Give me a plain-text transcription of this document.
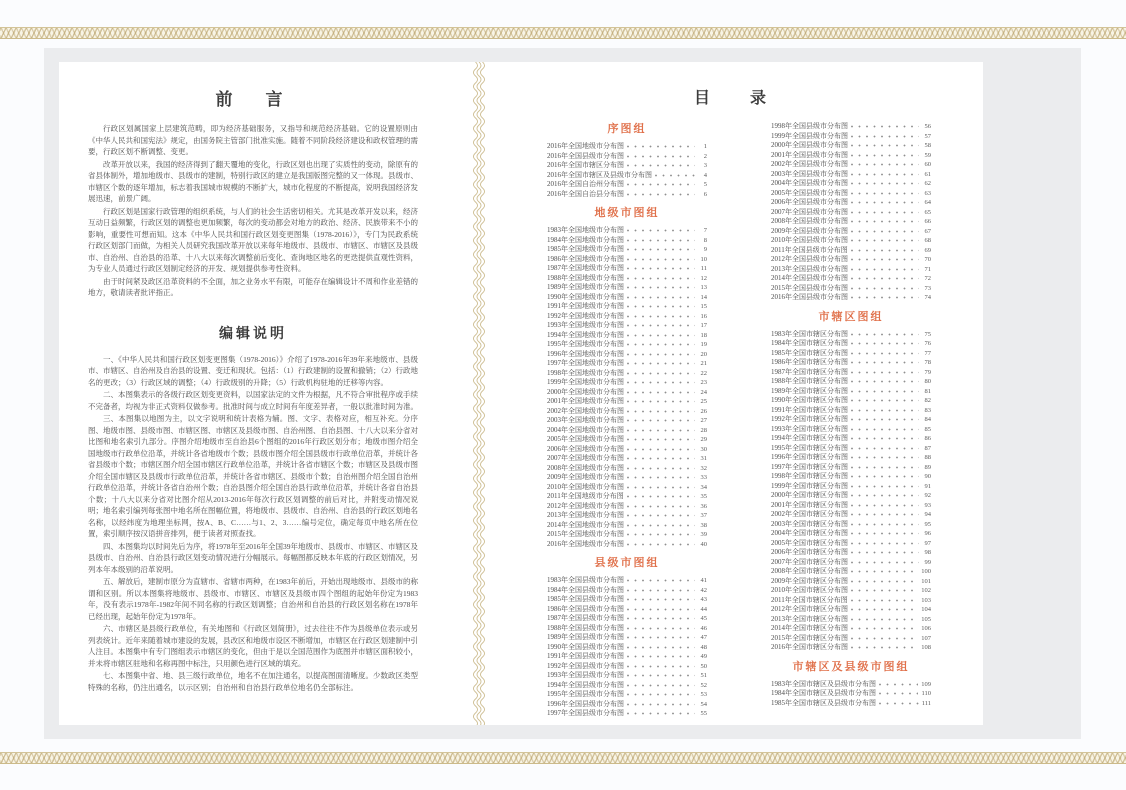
前　言

行政区划属国家上层建筑范畴，即为经济基础服务，又指导和规范经济基础。它的设置原则由《中华人民共和国宪法》规定，由国务院主管部门批准实施。随着不同阶段经济建设和政权管理的需要，行政区划不断调整、变更。

改革开放以来，我国的经济得到了翻天覆地的变化，行政区划也出现了实质性的变动，除原有的省县体制外，增加地级市、县级市的建制，特别行政区的建立是我国版图完整的又一体现。县级市、市辖区个数的逐年增加，标志着我国城市规模的不断扩大，城市化程度的不断提高，说明我国经济发展迅速，前景广阔。

行政区划是国家行政管理的组织系统，与人们的社会生活密切相关。尤其是改革开发以来，经济互动日益频繁，行政区划的调整也更加频繁，每次的变动都会对地方的政治、经济、民族带来不小的影响，重要性可想而知。这本《中华人民共和国行政区划变更图集（1978-2016）》，专门为民政系统行政区划部门而做，为相关人员研究我国改革开放以来每年地级市、县级市、市辖区、市辖区及县级市、自治州、自治县的沿革、十八大以来每次调整前后变化、查询地区地名的更迭提供直观性资料，为专业人员通过行政区划制定经济的开发、规划提供参考性资料。

由于时间紧及政区沿革资料的不全面，加之业务水平有限，可能存在编辑设计不周和作业差错的地方，敬请读者批评指正。

编辑说明

一、《中华人民共和国行政区划变更图集（1978-2016）》介绍了1978-2016年39年来地级市、县级市、市辖区、自治州及自治县的设置、变迁和现状。包括：（1）行政建制的设置和撤销；（2）行政地名的更改；（3）行政区域的调整；（4）行政级别的升降；（5）行政机构驻地的迁移等内容。

二、本图集表示的各级行政区划变更资料，以国家法定的文件为根据，凡不符合审批程序或手续不完备者，均视为非正式资料仅做参考。批准时间与成立时间有年度差异者，一般以批准时间为准。

三、本图集以地图为主，以文字说明和统计表格为辅。图、文字、表格对应，相互补充。分序图、地级市图、县级市图、市辖区图、市辖区及县级市图、自治州图、自治县图、十八大以来分省对比图和地名索引九部分。序图介绍地级市至自治县6个图组的2016年行政区划分布；地级市图介绍全国地级市行政单位沿革，并统计各省地级市个数；县级市图介绍全国县级市行政单位沿革，并统计各省县级市个数；市辖区图介绍全国市辖区行政单位沿革，并统计各省市辖区个数；市辖区及县级市图介绍全国市辖区及县级市行政单位沿革，并统计各省市辖区、县级市个数；自治州图介绍全国自治州行政单位沿革，并统计各省自治州个数；自治县图介绍全国自治县行政单位沿革，并统计各省自治县个数；十八大以来分省对比图介绍从2013-2016年每次行政区划调整的前后对比，并附变动情况说明；地名索引编列每张图中地名所在图幅位置，将地级市、县级市、自治州、自治县的行政区划地名名称，以经纬度为地理坐标网，按A、B、C……与1、2、3……编号定位，确定每页中地名所在位置，索引顺序按汉语拼音排列，便于读者对照查找。

四、本图集均以时间先后为序，将1978年至2016年全国39年地级市、县级市、市辖区、市辖区及县级市、自治州、自治县行政区划变动情况进行分幅展示。每幅图都反映本年底的行政区划情况，另列本年本级别的沿革说明。

五、解放后，建制市原分为直辖市、省辖市两种，在1983年前后，开始出现地级市、县级市的称谓和区别。所以本图集将地级市、县级市、市辖区、市辖区及县级市四个图组的起始年份定为1983年，没有表示1978年-1982年间不同名称的行政区划调整；自治州和自治县的行政区划名称在1978年已经出现，起始年份定为1978年。

六、市辖区是县级行政单位，有关地图和《行政区划简册》，过去往往不作为县级单位表示或另列表统计。近年来随着城市建设的发展，县改区和地级市设区不断增加，市辖区在行政区划建制中引人注目。本图集中有专门图组表示市辖区的变化，但由于是以全国范围作为底图并市辖区面积较小，并未将市辖区驻地和名称再图中标注，只用颜色进行区域的填充。

七、本图集中省、地、县三级行政单位，地名不在加注通名，以提高图面清晰度。少数政区类型特殊的名称，仍注出通名，以示区别；自治州和自治县行政单位地名仍全部标注。

目　录
序图组
2016年全国地级市分布图	1
2016年全国县级市分布图	2
2016年全国市辖区分布图	3
2016年全国市辖区及县级市分布图	4
2016年全国自治州分布图	5
2016年全国自治县分布图	6
地级市图组
1983年全国地级市分布图	7
1984年全国地级市分布图	8
1985年全国地级市分布图	9
1986年全国地级市分布图	10
1987年全国地级市分布图	11
1988年全国地级市分布图	12
1989年全国地级市分布图	13
1990年全国地级市分布图	14
1991年全国地级市分布图	15
1992年全国地级市分布图	16
1993年全国地级市分布图	17
1994年全国地级市分布图	18
1995年全国地级市分布图	19
1996年全国地级市分布图	20
1997年全国地级市分布图	21
1998年全国地级市分布图	22
1999年全国地级市分布图	23
2000年全国地级市分布图	24
2001年全国地级市分布图	25
2002年全国地级市分布图	26
2003年全国地级市分布图	27
2004年全国地级市分布图	28
2005年全国地级市分布图	29
2006年全国地级市分布图	30
2007年全国地级市分布图	31
2008年全国地级市分布图	32
2009年全国地级市分布图	33
2010年全国地级市分布图	34
2011年全国地级市分布图	35
2012年全国地级市分布图	36
2013年全国地级市分布图	37
2014年全国地级市分布图	38
2015年全国地级市分布图	39
2016年全国地级市分布图	40
县级市图组
1983年全国县级市分布图	41
1984年全国县级市分布图	42
1985年全国县级市分布图	43
1986年全国县级市分布图	44
1987年全国县级市分布图	45
1988年全国县级市分布图	46
1989年全国县级市分布图	47
1990年全国县级市分布图	48
1991年全国县级市分布图	49
1992年全国县级市分布图	50
1993年全国县级市分布图	51
1994年全国县级市分布图	52
1995年全国县级市分布图	53
1996年全国县级市分布图	54
1997年全国县级市分布图	55
1998年全国县级市分布图	56
1999年全国县级市分布图	57
2000年全国县级市分布图	58
2001年全国县级市分布图	59
2002年全国县级市分布图	60
2003年全国县级市分布图	61
2004年全国县级市分布图	62
2005年全国县级市分布图	63
2006年全国县级市分布图	64
2007年全国县级市分布图	65
2008年全国县级市分布图	66
2009年全国县级市分布图	67
2010年全国县级市分布图	68
2011年全国县级市分布图	69
2012年全国县级市分布图	70
2013年全国县级市分布图	71
2014年全国县级市分布图	72
2015年全国县级市分布图	73
2016年全国县级市分布图	74
市辖区图组
1983年全国市辖区分布图	75
1984年全国市辖区分布图	76
1985年全国市辖区分布图	77
1986年全国市辖区分布图	78
1987年全国市辖区分布图	79
1988年全国市辖区分布图	80
1989年全国市辖区分布图	81
1990年全国市辖区分布图	82
1991年全国市辖区分布图	83
1992年全国市辖区分布图	84
1993年全国市辖区分布图	85
1994年全国市辖区分布图	86
1995年全国市辖区分布图	87
1996年全国市辖区分布图	88
1997年全国市辖区分布图	89
1998年全国市辖区分布图	90
1999年全国市辖区分布图	91
2000年全国市辖区分布图	92
2001年全国市辖区分布图	93
2002年全国市辖区分布图	94
2003年全国市辖区分布图	95
2004年全国市辖区分布图	96
2005年全国市辖区分布图	97
2006年全国市辖区分布图	98
2007年全国市辖区分布图	99
2008年全国市辖区分布图	100
2009年全国市辖区分布图	101
2010年全国市辖区分布图	102
2011年全国市辖区分布图	103
2012年全国市辖区分布图	104
2013年全国市辖区分布图	105
2014年全国市辖区分布图	106
2015年全国市辖区分布图	107
2016年全国市辖区分布图	108
市辖区及县级市图组
1983年全国市辖区及县级市分布图	109
1984年全国市辖区及县级市分布图	110
1985年全国市辖区及县级市分布图	111
